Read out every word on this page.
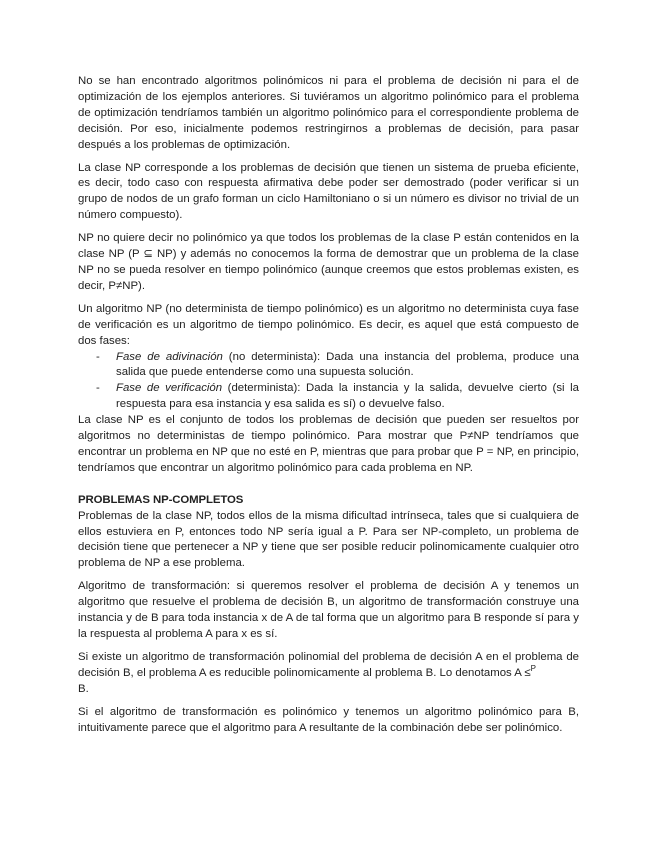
No se han encontrado algoritmos polinómicos ni para el problema de decisión ni para el de optimización de los ejemplos anteriores. Si tuviéramos un algoritmo polinómico para el problema de optimización tendríamos también un algoritmo polinómico para el correspondiente problema de decisión. Por eso, inicialmente podemos restringirnos a problemas de decisión, para pasar después a los problemas de optimización.

La clase NP corresponde a los problemas de decisión que tienen un sistema de prueba eficiente, es decir, todo caso con respuesta afirmativa debe poder ser demostrado (poder verificar si un grupo de nodos de un grafo forman un ciclo Hamiltoniano o si un número es divisor no trivial de un número compuesto).

NP no quiere decir no polinómico ya que todos los problemas de la clase P están contenidos en la clase NP (P ⊆ NP) y además no conocemos la forma de demostrar que un problema de la clase NP no se pueda resolver en tiempo polinómico (aunque creemos que estos problemas existen, es decir, P≠NP).

Un algoritmo NP (no determinista de tiempo polinómico) es un algoritmo no determinista cuya fase de verificación es un algoritmo de tiempo polinómico. Es decir, es aquel que está compuesto de dos fases:

- Fase de adivinación (no determinista): Dada una instancia del problema, produce una salida que puede entenderse como una supuesta solución.
- Fase de verificación (determinista): Dada la instancia y la salida, devuelve cierto (si la respuesta para esa instancia y esa salida es sí) o devuelve falso.

La clase NP es el conjunto de todos los problemas de decisión que pueden ser resueltos por algoritmos no deterministas de tiempo polinómico. Para mostrar que P≠NP tendríamos que encontrar un problema en NP que no esté en P, mientras que para probar que P = NP, en principio, tendríamos que encontrar un algoritmo polinómico para cada problema en NP.

PROBLEMAS NP-COMPLETOS

Problemas de la clase NP, todos ellos de la misma dificultad intrínseca, tales que si cualquiera de ellos estuviera en P, entonces todo NP sería igual a P. Para ser NP-completo, un problema de decisión tiene que pertenecer a NP y tiene que ser posible reducir polinomicamente cualquier otro problema de NP a ese problema.

Algoritmo de transformación: si queremos resolver el problema de decisión A y tenemos un algoritmo que resuelve el problema de decisión B, un algoritmo de transformación construye una instancia y de B para toda instancia x de A de tal forma que un algoritmo para B responde sí para y la respuesta al problema A para x es sí.

Si existe un algoritmo de transformación polinomial del problema de decisión A en el problema de decisión B, el problema A es reducible polinomicamente al problema B. Lo denotamos A ≤$^P$
B.

Si el algoritmo de transformación es polinómico y tenemos un algoritmo polinómico para B, intuitivamente parece que el algoritmo para A resultante de la combinación debe ser polinómico.
